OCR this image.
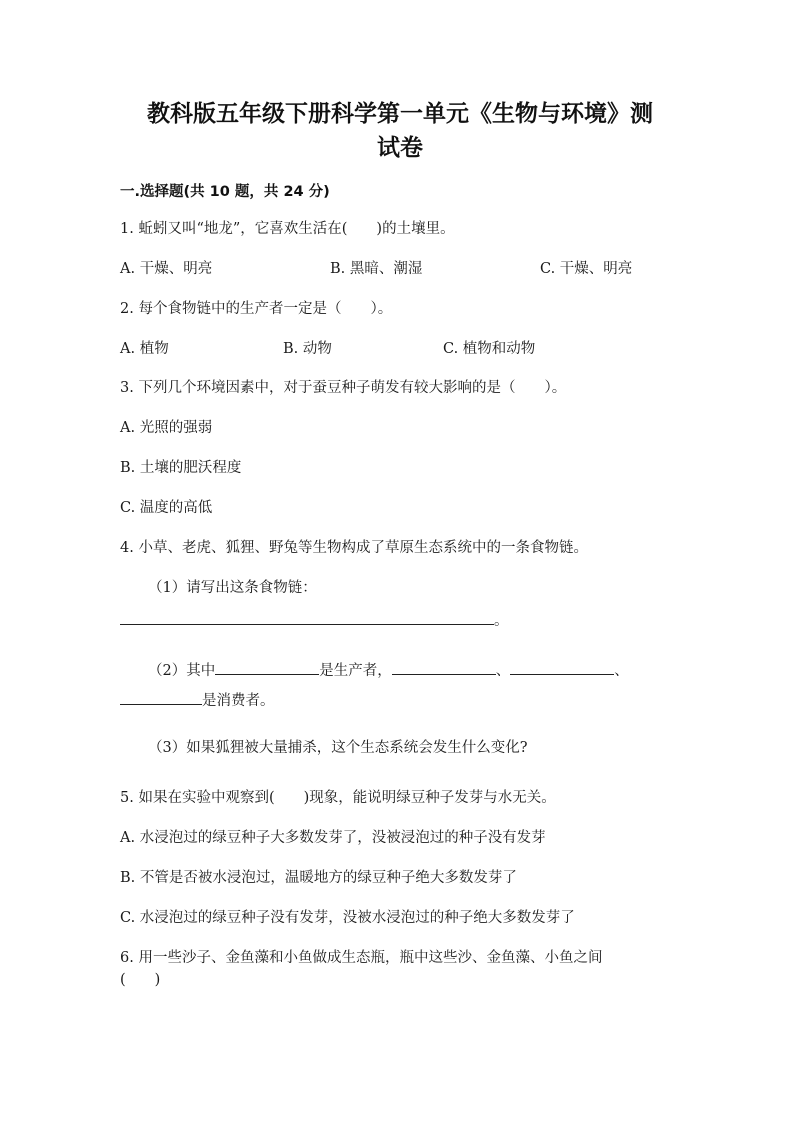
教科版五年级下册科学第一单元《生物与环境》测
试卷
一.选择题(共 10 题，共 24 分)
1. 蚯蚓又叫“地龙”，它喜欢生活在(　　)的土壤里。
A. 干燥、明亮	B. 黑暗、潮湿	C. 干燥、明亮
2. 每个食物链中的生产者一定是（　　）。
A. 植物	B. 动物	C. 植物和动物
3. 下列几个环境因素中，对于蚕豆种子萌发有较大影响的是（　　）。
A. 光照的强弱
B. 土壤的肥沃程度
C. 温度的高低
4. 小草、老虎、狐狸、野兔等生物构成了草原生态系统中的一条食物链。
（1）请写出这条食物链：
。
（2）其中	是生产者，	、	、
是消费者。
（3）如果狐狸被大量捕杀，这个生态系统会发生什么变化?
5. 如果在实验中观察到(　　)现象，能说明绿豆种子发芽与水无关。
A. 水浸泡过的绿豆种子大多数发芽了，没被浸泡过的种子没有发芽
B. 不管是否被水浸泡过，温暖地方的绿豆种子绝大多数发芽了
C. 水浸泡过的绿豆种子没有发芽，没被水浸泡过的种子绝大多数发芽了
6. 用一些沙子、金鱼藻和小鱼做成生态瓶，瓶中这些沙、金鱼藻、小鱼之间
(　　)
